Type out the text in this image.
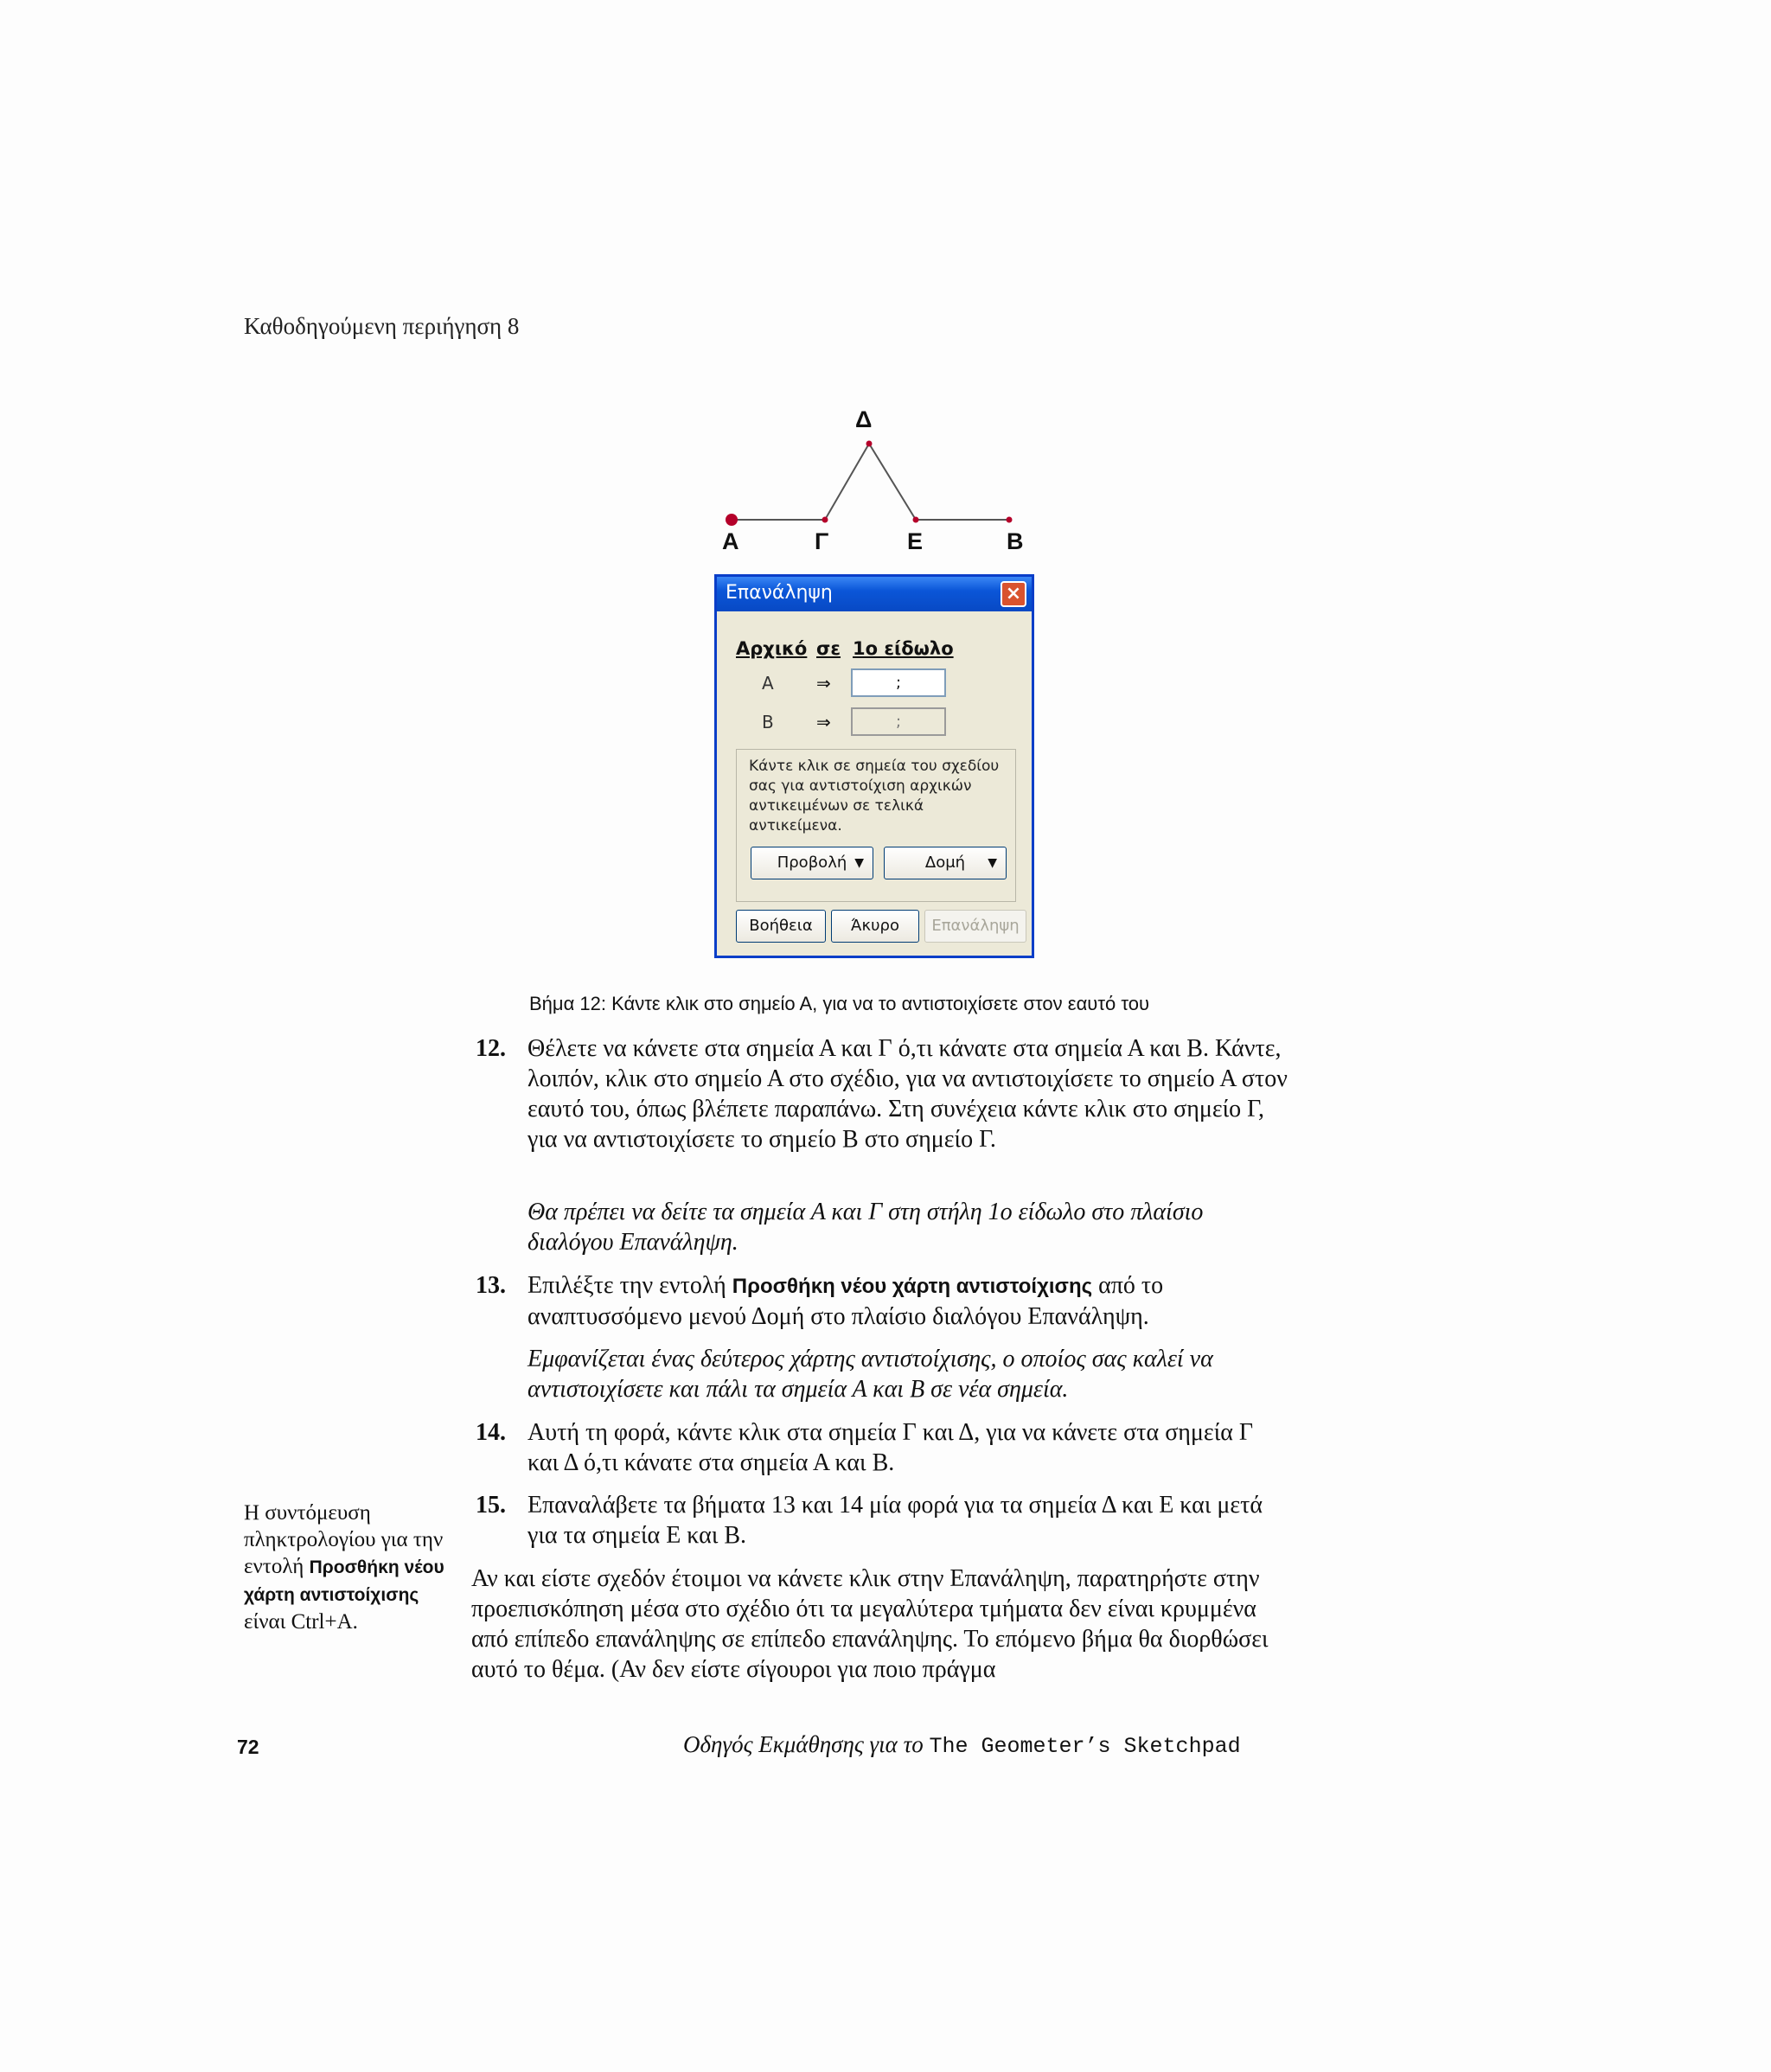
Καθοδηγούμενη περιήγηση 8
Α	Γ
Δ
Ε	Β
Επανάληψη	×
Αρχικό σε 1ο είδωλο
Α ⇒	;
Β ⇒	;
Κάντε κλικ σε σημεία του σχεδίου σας για αντιστοίχιση αρχικών αντικειμένων σε τελικά αντικείμενα.
Προβολή ▼	Δομή ▼
Βοήθεια	Άκυρο	Επανάληψη
Βήμα 12: Κάντε κλικ στο σημείο Α, για να το αντιστοιχίσετε στον εαυτό του
12. Θέλετε να κάνετε στα σημεία Α και Γ ό,τι κάνατε στα σημεία Α και Β. Κάντε, λοιπόν, κλικ στο σημείο Α στο σχέδιο, για να αντιστοιχίσετε το σημείο Α στον εαυτό του, όπως βλέπετε παραπάνω. Στη συνέχεια κάντε κλικ στο σημείο Γ, για να αντιστοιχίσετε το σημείο Β στο σημείο Γ.
Θα πρέπει να δείτε τα σημεία Α και Γ στη στήλη 1ο είδωλο στο πλαίσιο διαλόγου Επανάληψη.
13. Επιλέξτε την εντολή Προσθήκη νέου χάρτη αντιστοίχισης από το αναπτυσσόμενο μενού Δομή στο πλαίσιο διαλόγου Επανάληψη.
Εμφανίζεται ένας δεύτερος χάρτης αντιστοίχισης, ο οποίος σας καλεί να αντιστοιχίσετε και πάλι τα σημεία Α και Β σε νέα σημεία.
14. Αυτή τη φορά, κάντε κλικ στα σημεία Γ και Δ, για να κάνετε στα σημεία Γ και Δ ό,τι κάνατε στα σημεία Α και Β.
15. Επαναλάβετε τα βήματα 13 και 14 μία φορά για τα σημεία Δ και Ε και μετά για τα σημεία Ε και Β.
Αν και είστε σχεδόν έτοιμοι να κάνετε κλικ στην Επανάληψη, παρατηρήστε στην προεπισκόπηση μέσα στο σχέδιο ότι τα μεγαλύτερα τμήματα δεν είναι κρυμμένα από επίπεδο επανάληψης σε επίπεδο επανάληψης. Το επόμενο βήμα θα διορθώσει αυτό το θέμα. (Αν δεν είστε σίγουροι για ποιο πράγμα
Η συντόμευση πληκτρολογίου για την εντολή Προσθήκη νέου χάρτη αντιστοίχισης είναι Ctrl+A.
72	Οδηγός Εκμάθησης για το The Geometer’s Sketchpad
